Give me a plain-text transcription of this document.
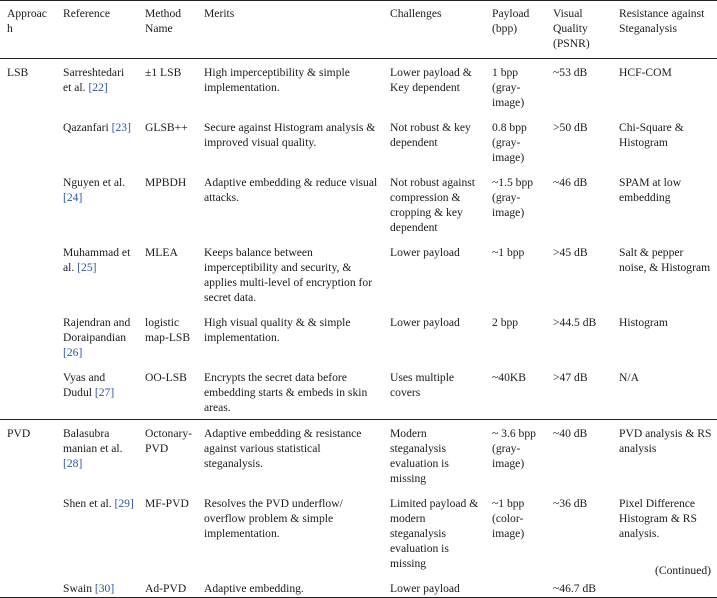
Approach	Reference	Method Name	Merits	Challenges	Payload (bpp)	Visual Quality (PSNR)	Resistance against Steganalysis
LSB	Sarreshtedari et al. [22]	±1 LSB	High imperceptibility & simple implementation.	Lower payload & Key dependent	1 bpp (gray-image)	~53 dB	HCF-COM
	Qazanfari [23]	GLSB++	Secure against Histogram analysis & improved visual quality.	Not robust & key dependent	0.8 bpp (gray-image)	>50 dB	Chi-Square & Histogram
	Nguyen et al. [24]	MPBDH	Adaptive embedding & reduce visual attacks.	Not robust against compression & cropping & key dependent	~1.5 bpp (gray-image)	~46 dB	SPAM at low embedding
	Muhammad et al. [25]	MLEA	Keeps balance between imperceptibility and security, & applies multi-level of encryption for secret data.	Lower payload	~1 bpp	>45 dB	Salt & pepper noise, & Histogram
	Rajendran and Doraipandian [26]	logistic map-LSB	High visual quality & & simple implementation.	Lower payload	2 bpp	>44.5 dB	Histogram
	Vyas and Dudul [27]	OO-LSB	Encrypts the secret data before embedding starts & embeds in skin areas.	Uses multiple covers	~40KB	>47 dB	N/A
PVD	Balasubra manian et al. [28]	Octonary-PVD	Adaptive embedding & resistance against various statistical steganalysis.	Modern steganalysis evaluation is missing	~ 3.6 bpp (gray-image)	~40 dB	PVD analysis & RS analysis
	Shen et al. [29]	MF-PVD	Resolves the PVD underflow/ overflow problem & simple implementation.	Limited payload & modern steganalysis evaluation is missing	~1 bpp (color-image)	~36 dB	Pixel Difference Histogram & RS analysis.
	Swain [30]	Ad-PVD	Adaptive embedding.	Lower payload		~46.7 dB	
(Continued)
